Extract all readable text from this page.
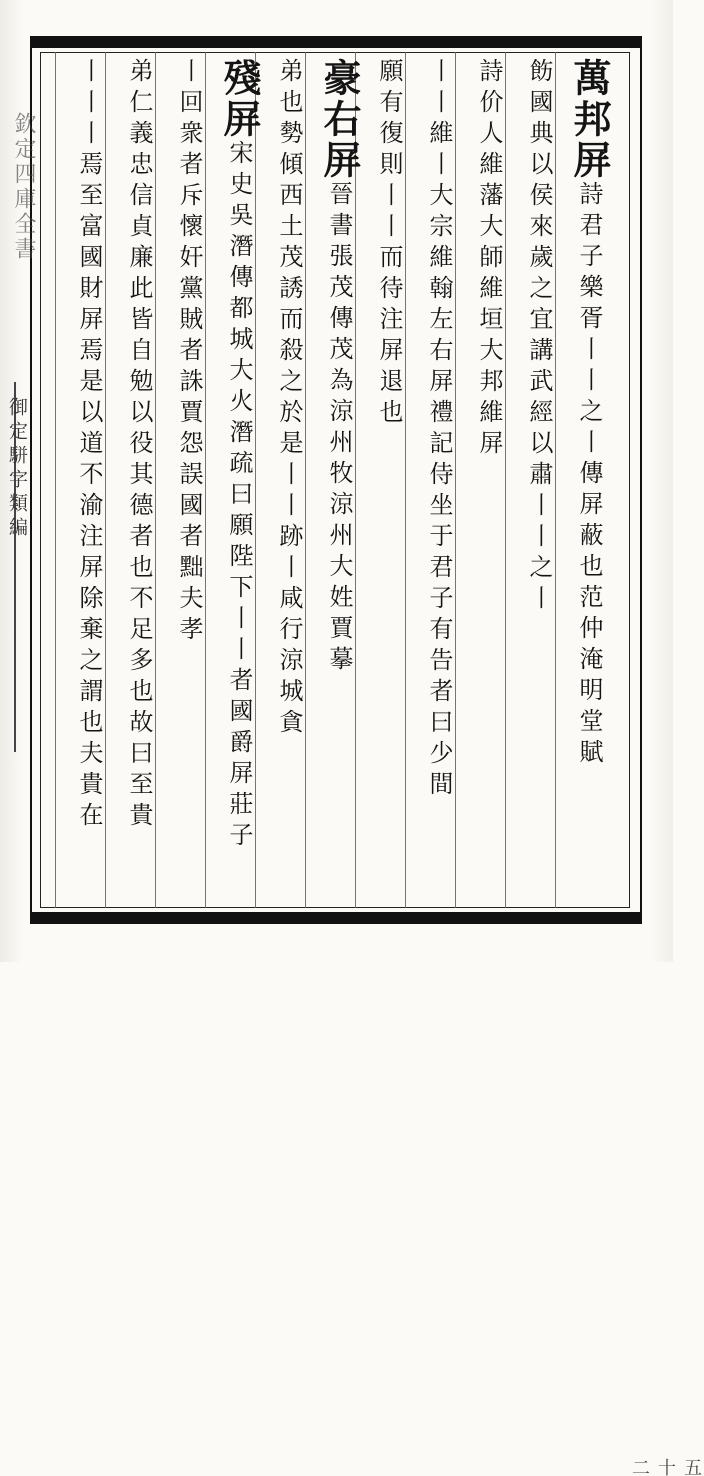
欽定四庫全書
御定駢字類編
五十二
萬邦屏
詩君子樂胥丨丨之丨傳屏蔽也范仲淹明堂賦
飭國典以侯來歲之宜講武經以肅丨丨之丨
詩价人維藩大師維垣大邦維屏
丨丨維丨大宗維翰左右屏禮記侍坐于君子有告者曰少間
願有復則丨丨而待注屏退也
豪右屏
晉書張茂傳茂為涼州牧涼州大姓賈摹
弟也勢傾西土茂誘而殺之於是丨丨跡丨咸行涼城貪
殘屏
宋史吳潛傳都城大火潛疏曰願陛下丨丨者國爵屏莊子
丨回衆者斥懷奸黨賊者誅賈怨誤國者黜夫孝
弟仁義忠信貞廉此皆自勉以役其德者也不足多也故曰至貴
丨丨丨焉至富國財屏焉是以道不渝注屏除棄之謂也夫貴在
